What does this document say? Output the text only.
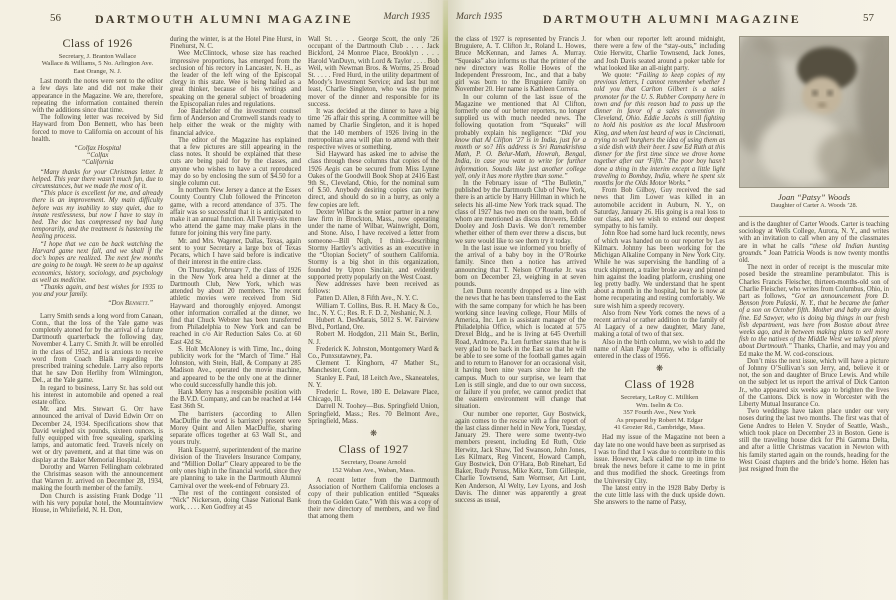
56	DARTMOUTH ALUMNI MAGAZINE	March 1935
Class of 1926
Secretary, J. Branton Wallace
Wallace & Williams, 5 No. Arlington Ave.
East Orange, N. J.
Last month the notes were sent to the editor a few days late and did not make their appearance in the Magazine. We are, therefore, repeating the information contained therein with the additions since that time.
The following letter was received by Sid Hayward from Don Bennett, who has been forced to move to California on account of his health.
“Colfax Hospital
“Colfax
“California
“Many thanks for your Christmas letter. It helped. This year there wasn’t much fun, due to circumstances, but we made the most of it.
“This place is excellent for me, and already there is an improvement. My main difficulty before was my inability to stay quiet, due to innate restlessness, but now I have to stay in bed. The doc has compressed my bad lung temporarily, and the treatment is hastening the healing process.
“I hope that we can be back watching the Harvard game next fall, and we shall if the doc’s hopes are realized. The next few months are going to be tough. We seem to be up against economics, history, sociology, and psychology as well as medicine.
“Thanks again, and best wishes for 1935 to you and your family.
“Don Bennett.”
Larry Smith sends a long word from Canaan, Conn., that the loss of the Yale game was completely atoned for by the arrival of a future Dartmouth quarterback the following day, November 4. Larry C. Smith Jr. will be enrolled in the class of 1952, and is anxious to receive word from Coach Blaik regarding the prescribed training schedule. Larry also reports that he saw Don Herlihy from Wilmington, Del., at the Yale game.
In regard to business, Larry Sr. has sold out his interest in automobile and opened a real estate office.
Mr. and Mrs. Stewart G. Orr have announced the arrival of David Edwin Orr on December 24, 1934. Specifications show that David weighed six pounds, sixteen ounces, is fully equipped with free squealing, sparkling lamps, and automatic feed. Travels nicely on wet or dry pavement, and at that time was on display at the Baker Memorial Hospital.
Dorothy and Warren Fellingham celebrated the Christmas season with the announcement that Warren Jr. arrived on December 28, 1934, making the fourth member of the family.
Don Church is assisting Frank Dodge ’11 with his very popular hotel, the Mountainview House, in Whitefield, N. H. Don,
during the winter, is at the Hotel Pine Hurst, in Pinehurst, N. C.
Wee McClintock, whose size has reached impressive proportions, has emerged from the seclusion of his rectory in Lancaster, N. H., as the leader of the left wing of the Episcopal clergy in this state. Wee is being hailed as a great thinker, because of his writings and speaking on the general subject of broadening the Episcopalian rules and regulations.
Joe Batchelder of the investment counsel firm of Anderson and Cromwell stands ready to help either the weak or the mighty with financial advice.
The editor of the Magazine has explained that a few pictures are still appearing in the class notes. It should be explained that these cuts are being paid for by the classes, and anyone who wishes to have a cut reproduced may do so by enclosing the sum of $4.50 for a single column cut.
In northern New Jersey a dance at the Essex County Country Club followed the Princeton game, with a record attendance of 375. The affair was so successful that it is anticipated to make it an annual function. All Twenty-six men who attend the game may make plans in the future for joining this very fine party.
Mr. and Mrs. Wagener, Dallas, Texas, again sent to your Secretary a large box of Texas Pecans, which I have said before is indicative of their interest in the entire class.
On Thursday, February 7, the class of 1926 in the New York area held a dinner at the Dartmouth Club, New York, which was attended by about 20 members. The recent athletic movies were received from Sid Hayward and thoroughly enjoyed. Amongst other information corralled at the dinner, we find that Chuck Webster has been transferred from Philadelphia to New York and can be reached in c/o Air Reduction Sales Co. at 60 East 42d St.
S. Holt McAloney is with Time, Inc., doing publicity work for the “March of Time.” Hal Johnston, with Stein, Hall, & Company at 285 Madison Ave., operated the movie machine, and appeared to be the only one at the dinner who could successfully handle this job.
Hank Merry has a responsible position with the B.V.D. Company, and can be reached at 144 East 36th St.
The barristers (according to Allen MacDuffie the word is barrister) present were Morey Quint and Allen MacDuffie, sharing separate offices together at 63 Wall St., and yours truly.
Hank Esquerré, superintendent of the marine division of the Travelers Insurance Company, and “Million Dollar” Cleary appeared to be the only ones high in the financial world, since they are planning to take in the Dartmouth Alumni Carnival over the week-end of February 23.
The rest of the contingent consisted of “Nick” Nickerson, doing Chase National Bank work, . . . . Ken Godfrey at 45
Wall St. . . . . George Scott, the only ’26 occupant of the Dartmouth Club . . . . Jack Bickford, 24 Monroe Place, Brooklyn . . . . Harold VanDuyn, with Lord & Taylor . . . . Bob Weil, with Newman Bros. & Worms, 25 Broad St. . . . . Fred Hurd, in the utility department of Moody’s Investment Service; and last but not least, Charlie Singleton, who was the prime mover of the dinner and responsible for its success.
It was decided at the dinner to have a big time ’26 affair this spring. A committee will be named by Charlie Singleton, and it is hoped that the 140 members of 1926 living in the metropolitan area will plan to attend with their respective wives or something.
Sid Hayward has asked me to advise the class through these columns that copies of the 1926 Aegis can be secured from Miss Lynne Oakes of the Goodwill Book Shop at 2416 East 9th St., Cleveland, Ohio, for the nominal sum of $.50. Anybody desiring copies can write direct, and should do so in a hurry, as only a few copies are left.
Dexter Wilbar is the senior partner in a new law firm in Brockton, Mass., now operating under the name of Wilbar, Wainwright, Dorn, and Stone. Also, I have received a letter from someone—Bill Nigh, I think—describing Stormy Hartley’s activities as an executive in the “Utopian Society” of southern California. Stormy is a big shot in this organization, founded by Upton Sinclair, and evidently supported pretty popularly on the West Coast.
New addresses have been received as follows:
Patten D. Allen, 8 Fifth Ave., N. Y. C.
William T. Collins, Bus. R. H. Macy & Co., Inc., N. Y. C.; Res. R. F. D. 2, Neshanic, N. J.
Hubert A. DesMarais, 5012 S. W. Fairview Blvd., Portland, Ore.
Robert M. Hodgdon, 211 Main St., Berlin, N. J.
Frederick K. Johnston, Montgomery Ward & Co., Punxsutawney, Pa.
Clement T. Kinghorn, 47 Mather St., Manchester, Conn.
Stanley E. Paul, 18 Leitch Ave., Skaneateles, N. Y.
Frederic L. Rowe, 180 E. Delaware Place, Chicago, Ill.
Darrell N. Toohey—Bus. Springfield Union, Springfield, Mass.; Res. 70 Belmont Ave., Springfield, Mass.
❋
Class of 1927
Secretary, Doane Arnold
152 Waban Ave., Waban, Mass.
A recent letter from the Dartmouth Association of Northern California encloses a copy of their publication entitled “Squeaks from the Golden Gate.” With this was a copy of their new directory of members, and we find that among them
March 1935	DARTMOUTH ALUMNI MAGAZINE	57
the class of 1927 is represented by Francis J. Bruguiere, A. T. Clifton Jr., Roland L. Howes, Bruce McKennan, and James A. Murray. “Squeaks” also informs us that the printer of the new directory was Rollie Howes of the Independent Pressroom, Inc., and that a baby girl was born to the Bruguiere family on November 20. Her name is Kathleen Correra.
In our column of the last issue of the Magazine we mentioned that Al Clifton, formerly one of our better reporters, no longer supplied us with much needed news. The following quotation from “Squeaks” will probably explain his negligence: “Did you know that Al Clifton ’27 is in India, just for a month or so? His address is Sri Ramakrishna Math, P. O. Belur-Math, Howrah, Bengal, India, in case you want to write for further information. Sounds like just another college yell, only it has more rhythm than some.”
In the February issue of “The Bulletin,” published by the Dartmouth Club of New York, there is an article by Harry Hillman in which he selects his all-time New York track squad. The class of 1927 has two men on the team, both of whom are mentioned as discus throwers, Eddie Dooley and Josh Davis. We don’t remember whether either of them ever threw a discus, but we sure would like to see them try it today.
In the last issue we informed you briefly of the arrival of a baby boy in the O’Rourke family. Since then a notice has arrived announcing that T. Nelson O’Rourke Jr. was born on December 23, weighing in at seven pounds.
Len Dunn recently dropped us a line with the news that he has been transferred to the East with the same company for which he has been working since leaving college, Flour Mills of America, Inc. Len is assistant manager of the Philadelphia Office, which is located at 575 Drexel Bldg., and he is living at 645 Overhill Road, Ardmore, Pa. Len further states that he is very glad to be back in the East so that he will be able to see some of the football games again and to return to Hanover for an occasional visit, it having been nine years since he left the campus. Much to our surprise, we learn that Len is still single, and due to our own success, or failure if you prefer, we cannot predict that the eastern environment will change that situation.
Our number one reporter, Guy Bostwick, again comes to the rescue with a fine report of the last class dinner held in New York, Tuesday, January 29. There were some twenty-two members present, including Ed Ruth, Ozie Herwitz, Jack Shaw, Ted Swanson, John Jones, Les Kilmarx, Reg Vincent, Howard Camph, Guy Bostwick, Don O’Hara, Bob Rinehart, Ed Baker, Rudy Peruss, Mike Ketz, Tom Gillespie, Charlie Townsend, Sam Wormser, Art Lunt, Ken Anderson, Al Welty, Lev Lyons, and Josh Davis. The dinner was apparently a great success as usual,
for when our reporter left around midnight, there were a few of the “stay-outs,” including Ozie Herwitz, Charlie Townsend, Jack Jones, and Josh Davis seated around a poker table for what looked like an all-night party.
We quote: “Failing to keep copies of my previous letters, I cannot remember whether I told you that Carlton Gilbert is a sales promoter for the U. S. Rubber Company here in town and for this reason had to pass up the dinner in favor of a sales convention in Cleveland, Ohio. Eddie Jacobs is still fighting to hold his position as the local Mushroom King, and when last heard of was in Cincinnati, trying to sell burghers the idea of using them as a side dish with their beer. I saw Ed Ruth at this dinner for the first time since we drove home together after our ‘Fifth.’ The poor boy hasn’t done a thing in the interim except a little light traveling to Bombay, India, where he spent six months for the Olds Motor Works.”
From Bob Gilboy, Guy received the sad news that Jim Lower was killed in an automobile accident in Auburn, N. Y., on Saturday, January 26. His going is a real loss to our class, and we wish to extend our deepest sympathy to his family.
John Roe had some hard luck recently, news of which was handed on to our reporter by Les Kilmarx. Johnny has been working for the Michigan Alkaline Company in New York City. While he was supervising the handling of a truck shipment, a trailer broke away and pinned him against the loading platform, crushing one leg pretty badly. We understand that he spent about a month in the hospital, but he is now at home recuperating and resting comfortably. We sure wish him a speedy recovery.
Also from New York comes the news of a recent arrival or rather addition to the family of Al Lagacy of a new daughter, Mary Jane, making a total of two of that sex.
Also in the birth column, we wish to add the name of Alan Page Murray, who is officially entered in the class of 1956.
❋
Class of 1928
Secretary, LeRoy C. Milliken
Wm. Iselin & Co.
357 Fourth Ave., New York
As prepared by Robert M. Edgar
41 Grozier Rd., Cambridge, Mass.
Had my issue of the Magazine not been a day late no one would have been as surprised as I was to find that I was due to contribute to this issue. However, Jack called me up in time to break the news before it came to me in print and thus modified the shock. Greetings from the University City.
The latest entry in the 1928 Baby Derby is the cute little lass with the duck upside down. She answers to the name of Patsy,
Joan “Patsy” Woods
Daughter of Carter A. Woods ’28.
and is the daughter of Carter Woods. Carter is teaching sociology at Wells College, Aurora, N. Y., and writes with an invitation to call when any of the classmates are in what he calls “these old Indian hunting grounds.” Joan Patricia Woods is now twenty months old.
The next in order of receipt is the muscular mite posed beside the streamline perambulator. This is Charles Francis Fleischer, thirteen-months-old son of Charlie Fleischer, who writes from Columbus, Ohio, in part as follows, “Got an announcement from D. Benson from Pulaski, N. Y., that he became the father of a son on October fifth. Mother and baby are doing fine. Ed Sawyer, who is doing big things in our fresh fish department, was here from Boston about three weeks ago, and in between making plans to sell more fish to the natives of the Middle West we talked plenty about Dartmouth.” Thanks, Charlie, and may you and Ed make the M. W. cod-conscious.
Don’t miss the next issue, which will have a picture of Johnny O’Sullivan’s son Jerry, and, believe it or not, the son and daughter of Bruce Lewis. And while on the subject let us report the arrival of Dick Canton Jr., who appeared six weeks ago to brighten the lives of the Cantons. Dick is now in Worcester with the Liberty Mutual Insurance Co.
Two weddings have taken place under our very noses during the last two months. The first was that of Gene Andres to Helen V. Snyder of Seattle, Wash., which took place on December 23 in Boston. Gene is still the traveling house dick for Phi Gamma Delta, and after a little Christmas vacation in Newton with his family started again on the rounds, heading for the West Coast chapters and the bride’s home. Helen has just resigned from the
